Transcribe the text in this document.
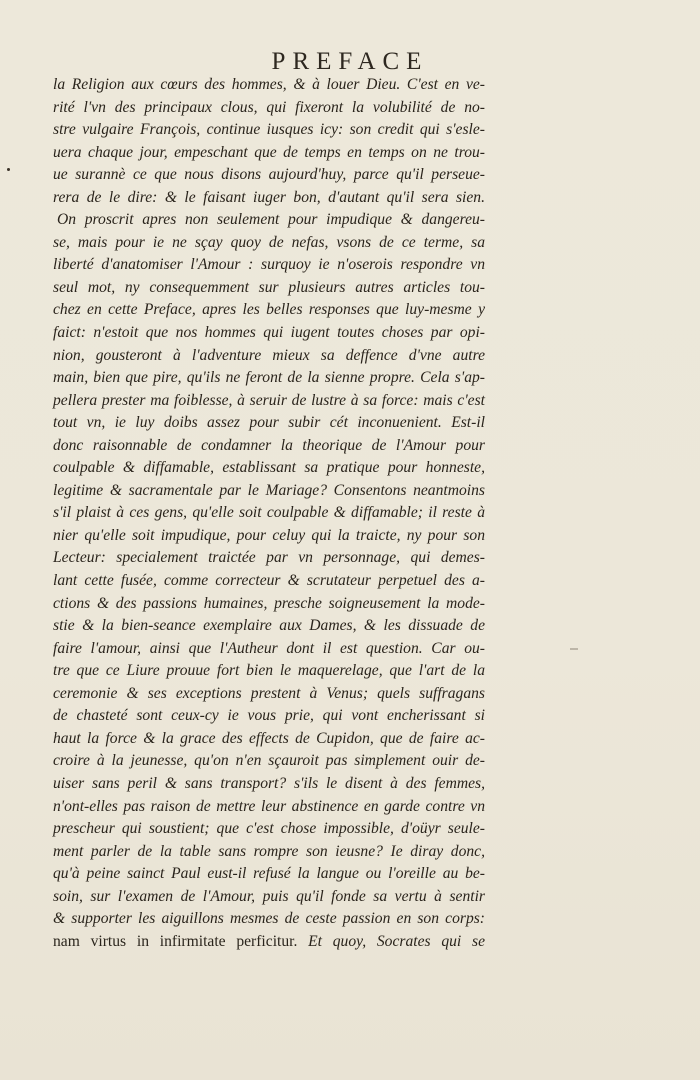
PREFACE
la Religion aux cœurs des hommes, & à louer Dieu. C'est en ve-
rité l'vn des principaux clous, qui fixeront la volubilité de no-
stre vulgaire François, continue iusques icy: son credit qui s'esle-
uera chaque jour, empeschant que de temps en temps on ne trou-
ue surannè ce que nous disons aujourd'huy, parce qu'il perseue-
rera de le dire: & le faisant iuger bon, d'autant qu'il sera sien.
On proscrit apres non seulement pour impudique & dangereu-
se, mais pour ie ne sçay quoy de nefas, vsons de ce terme, sa
liberté d'anatomiser l'Amour : surquoy ie n'oserois respondre vn
seul mot, ny consequemment sur plusieurs autres articles tou-
chez en cette Preface, apres les belles responses que luy-mesme y
faict: n'estoit que nos hommes qui iugent toutes choses par opi-
nion, gousteront à l'adventure mieux sa deffence d'vne autre
main, bien que pire, qu'ils ne feront de la sienne propre. Cela s'ap-
pellera prester ma foiblesse, à seruir de lustre à sa force: mais c'est
tout vn, ie luy doibs assez pour subir cét inconuenient. Est-il
donc raisonnable de condamner la theorique de l'Amour pour
coulpable & diffamable, establissant sa pratique pour honneste,
legitime & sacramentale par le Mariage? Consentons neantmoins
s'il plaist à ces gens, qu'elle soit coulpable & diffamable; il reste à
nier qu'elle soit impudique, pour celuy qui la traicte, ny pour son
Lecteur: specialement traictée par vn personnage, qui demes-
lant cette fusée, comme correcteur & scrutateur perpetuel des a-
ctions & des passions humaines, presche soigneusement la mode-
stie & la bien-seance exemplaire aux Dames, & les dissuade de
faire l'amour, ainsi que l'Autheur dont il est question. Car ou-
tre que ce Liure prouue fort bien le maquerelage, que l'art de la
ceremonie & ses exceptions prestent à Venus; quels suffragans
de chasteté sont ceux-cy ie vous prie, qui vont encherissant si
haut la force & la grace des effects de Cupidon, que de faire ac-
croire à la jeunesse, qu'on n'en sçauroit pas simplement ouir de-
uiser sans peril & sans transport? s'ils le disent à des femmes,
n'ont-elles pas raison de mettre leur abstinence en garde contre vn
prescheur qui soustient; que c'est chose impossible, d'oüyr seule-
ment parler de la table sans rompre son ieusne? Ie diray donc,
qu'à peine sainct Paul eust-il refusé la langue ou l'oreille au be-
soin, sur l'examen de l'Amour, puis qu'il fonde sa vertu à sentir
& supporter les aiguillons mesmes de ceste passion en son corps:
nam virtus in infirmitate perficitur. Et quoy, Socrates qui se
